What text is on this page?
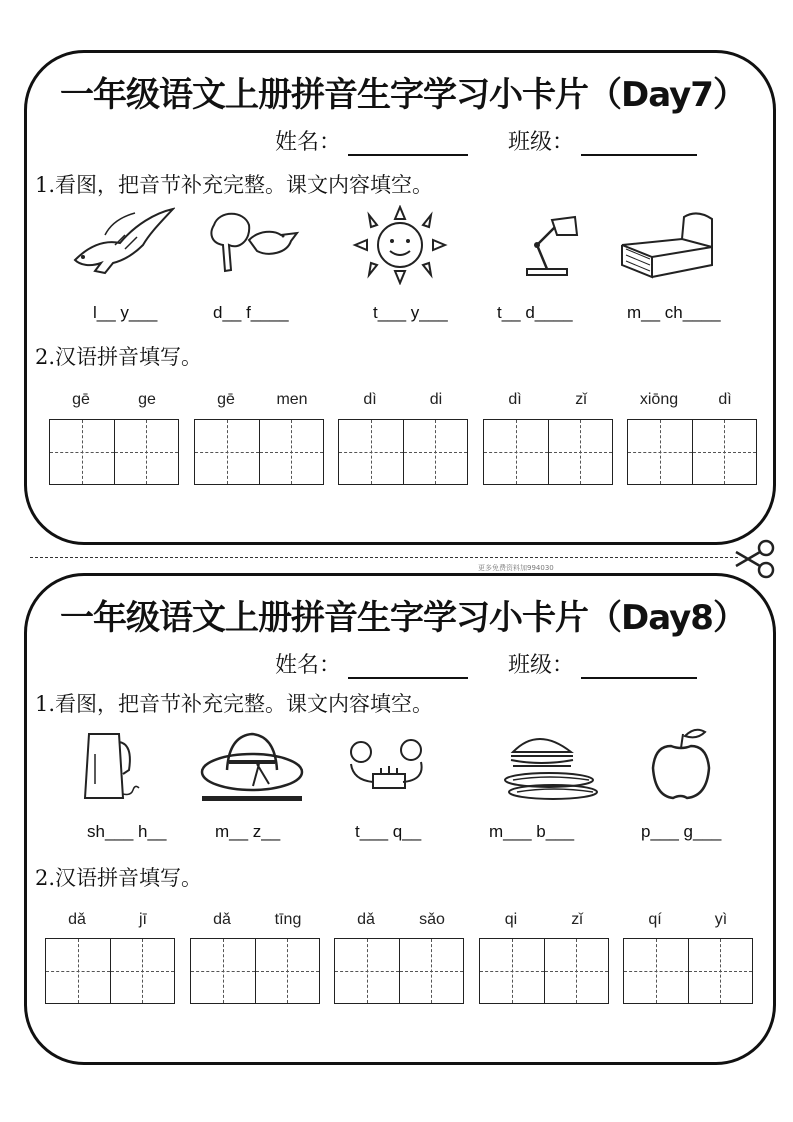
一年级语文上册拼音生字学习小卡片（Day7）
姓名：	班级：
1.看图，把音节补充完整。课文内容填空。
l__ y___	d__ f____	t___ y___	t__ d____	m__ ch____
2.汉语拼音填写。
gē	ge	gē	men	dì	di	dì	zǐ	xiōng	dì
更多免费资料加994030
一年级语文上册拼音生字学习小卡片（Day8）
姓名：	班级：
1.看图，把音节补充完整。课文内容填空。
sh___ h__	m__ z__	t___ q__	m___ b___	p___ g___
2.汉语拼音填写。
dǎ	jī	dǎ	tīng	dǎ	sǎo	qi	zǐ	qí	yì
